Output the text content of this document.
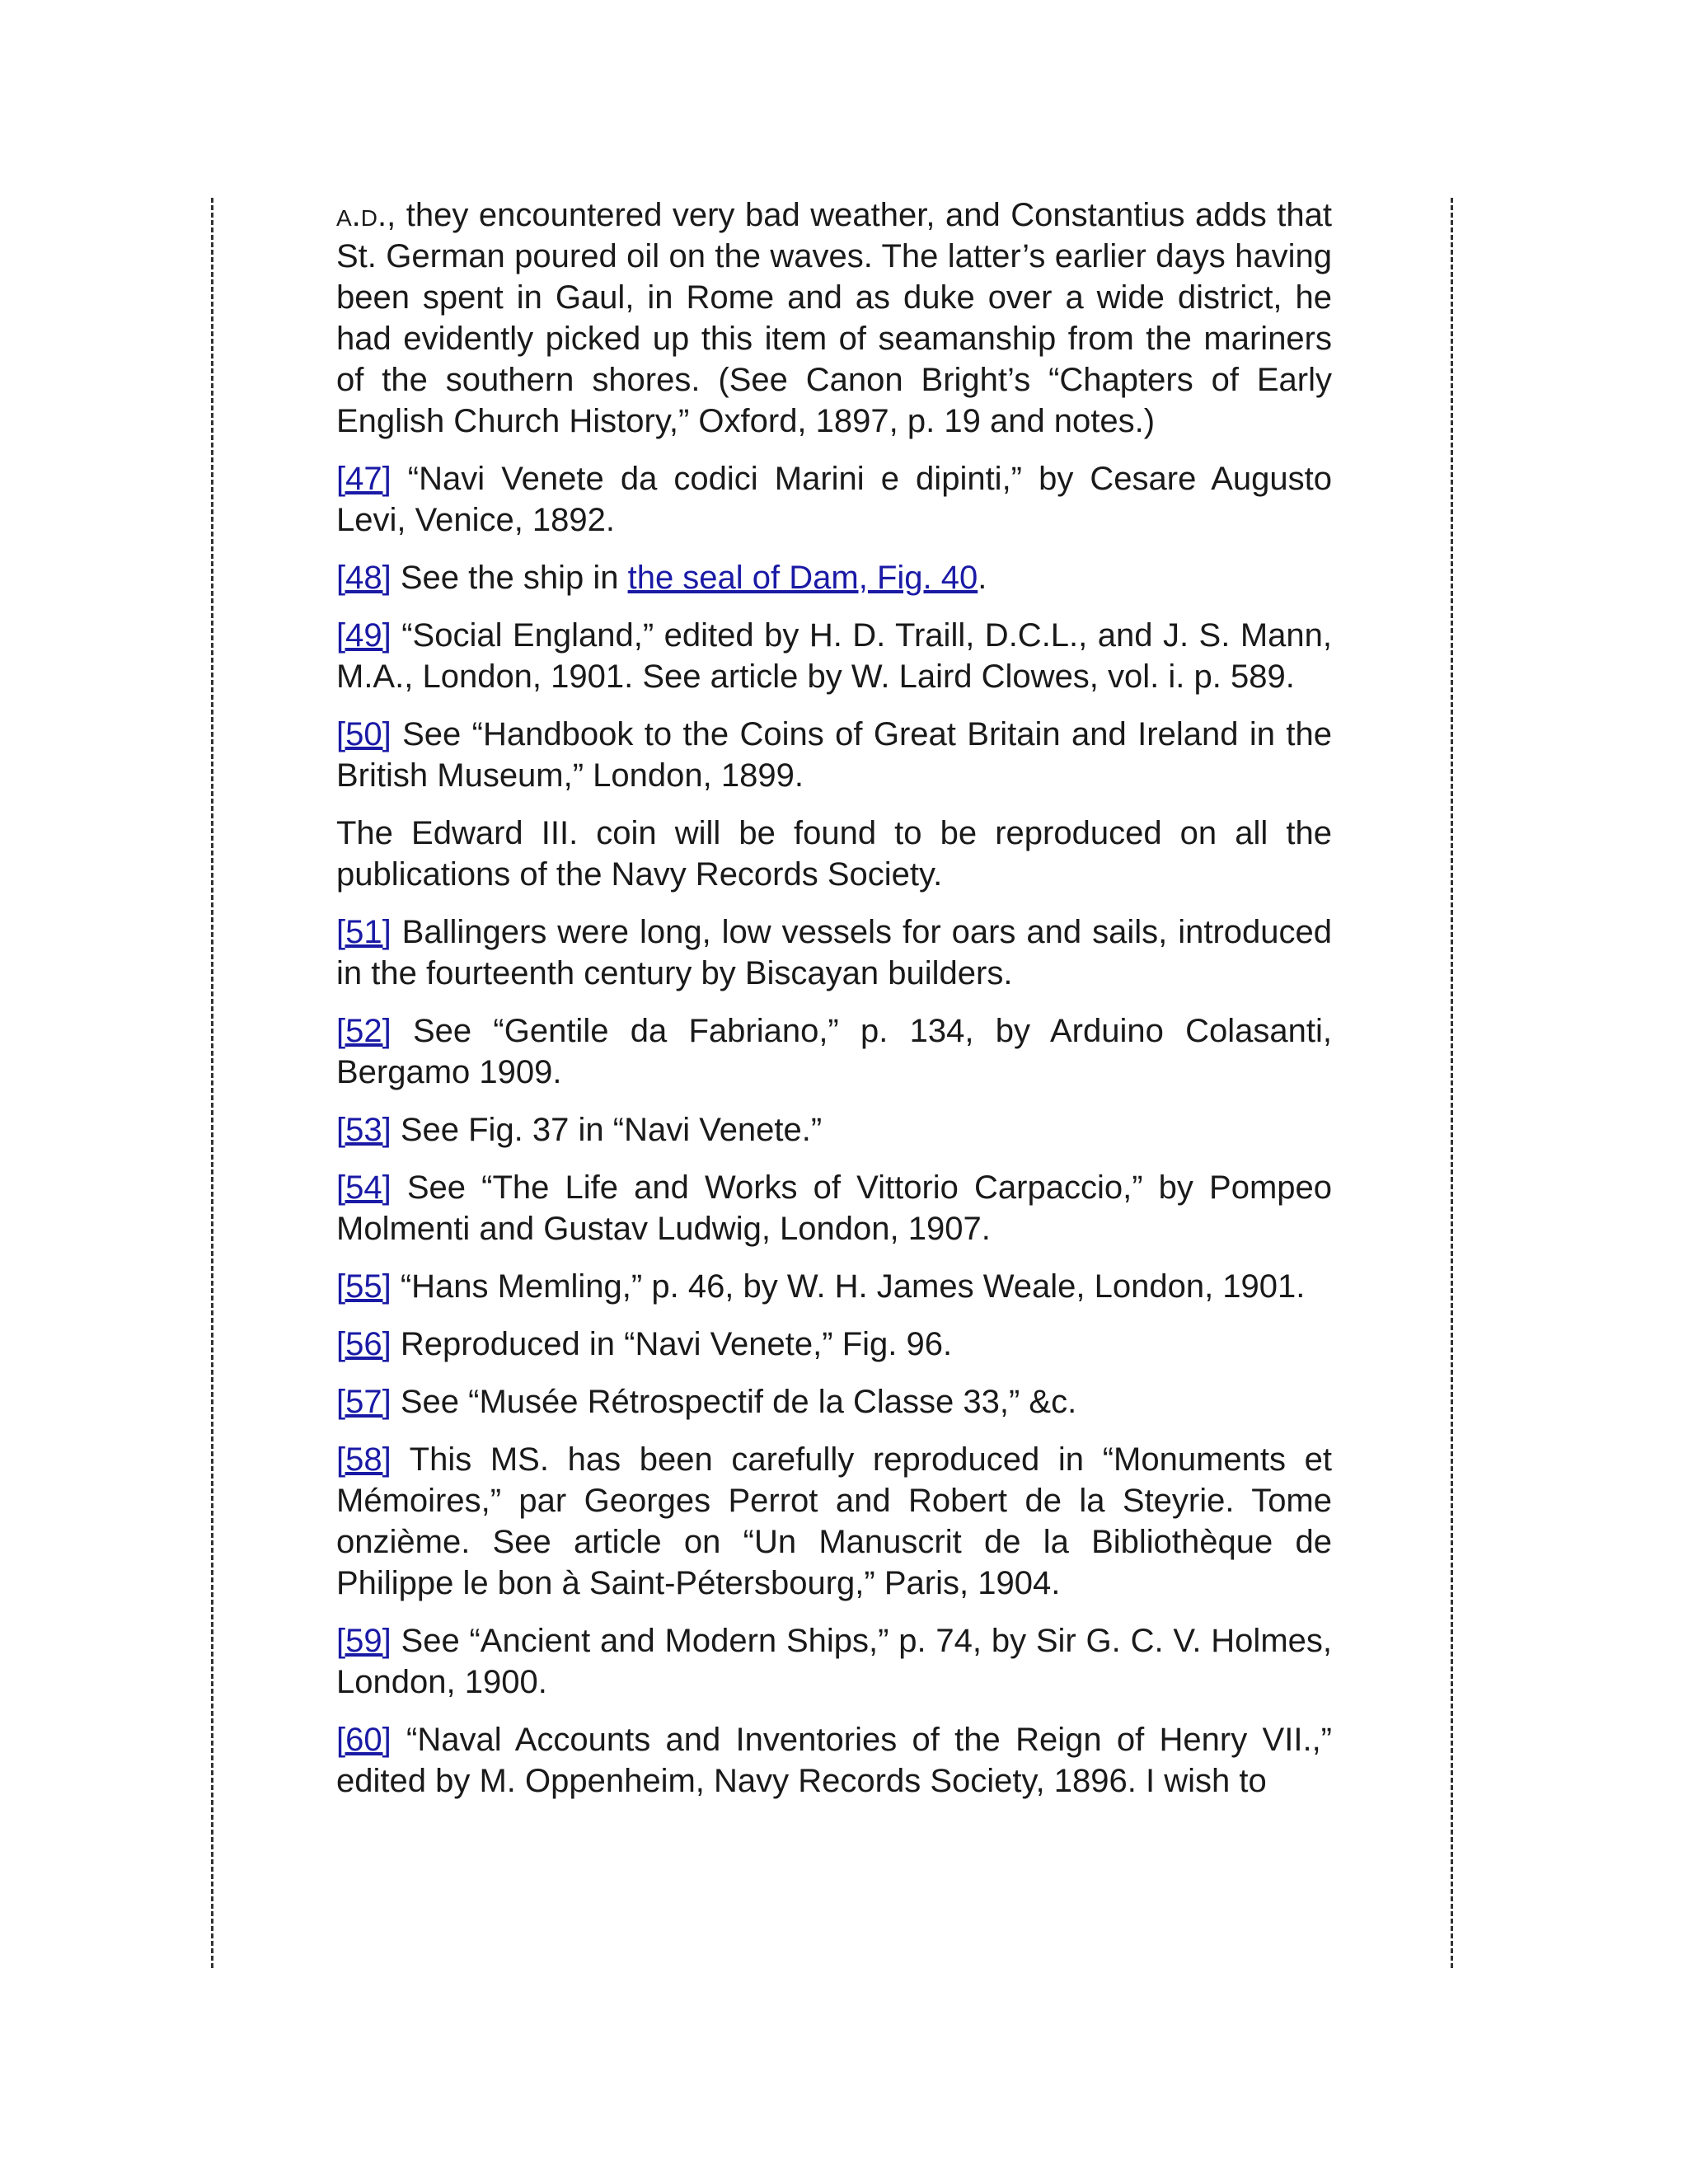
a.d., they encountered very bad weather, and Constantius adds that St. German poured oil on the waves. The latter’s earlier days having been spent in Gaul, in Rome and as duke over a wide district, he had evidently picked up this item of seamanship from the mariners of the southern shores. (See Canon Bright’s “Chapters of Early English Church History,” Oxford, 1897, p. 19 and notes.)

[47] “Navi Venete da codici Marini e dipinti,” by Cesare Augusto Levi, Venice, 1892.

[48] See the ship in the seal of Dam, Fig. 40.

[49] “Social England,” edited by H. D. Traill, D.C.L., and J. S. Mann, M.A., London, 1901. See article by W. Laird Clowes, vol. i. p. 589.

[50] See “Handbook to the Coins of Great Britain and Ireland in the British Museum,” London, 1899.

The Edward III. coin will be found to be reproduced on all the publications of the Navy Records Society.

[51] Ballingers were long, low vessels for oars and sails, introduced in the fourteenth century by Biscayan builders.

[52] See “Gentile da Fabriano,” p. 134, by Arduino Colasanti, Bergamo 1909.

[53] See Fig. 37 in “Navi Venete.”

[54] See “The Life and Works of Vittorio Carpaccio,” by Pompeo Molmenti and Gustav Ludwig, London, 1907.

[55] “Hans Memling,” p. 46, by W. H. James Weale, London, 1901.

[56] Reproduced in “Navi Venete,” Fig. 96.

[57] See “Musée Rétrospectif de la Classe 33,” &c.

[58] This MS. has been carefully reproduced in “Monuments et Mémoires,” par Georges Perrot and Robert de la Steyrie. Tome onzième. See article on “Un Manuscrit de la Bibliothèque de Philippe le bon à Saint-Pétersbourg,” Paris, 1904.

[59] See “Ancient and Modern Ships,” p. 74, by Sir G. C. V. Holmes, London, 1900.

[60] “Naval Accounts and Inventories of the Reign of Henry VII.,” edited by M. Oppenheim, Navy Records Society, 1896. I wish to
